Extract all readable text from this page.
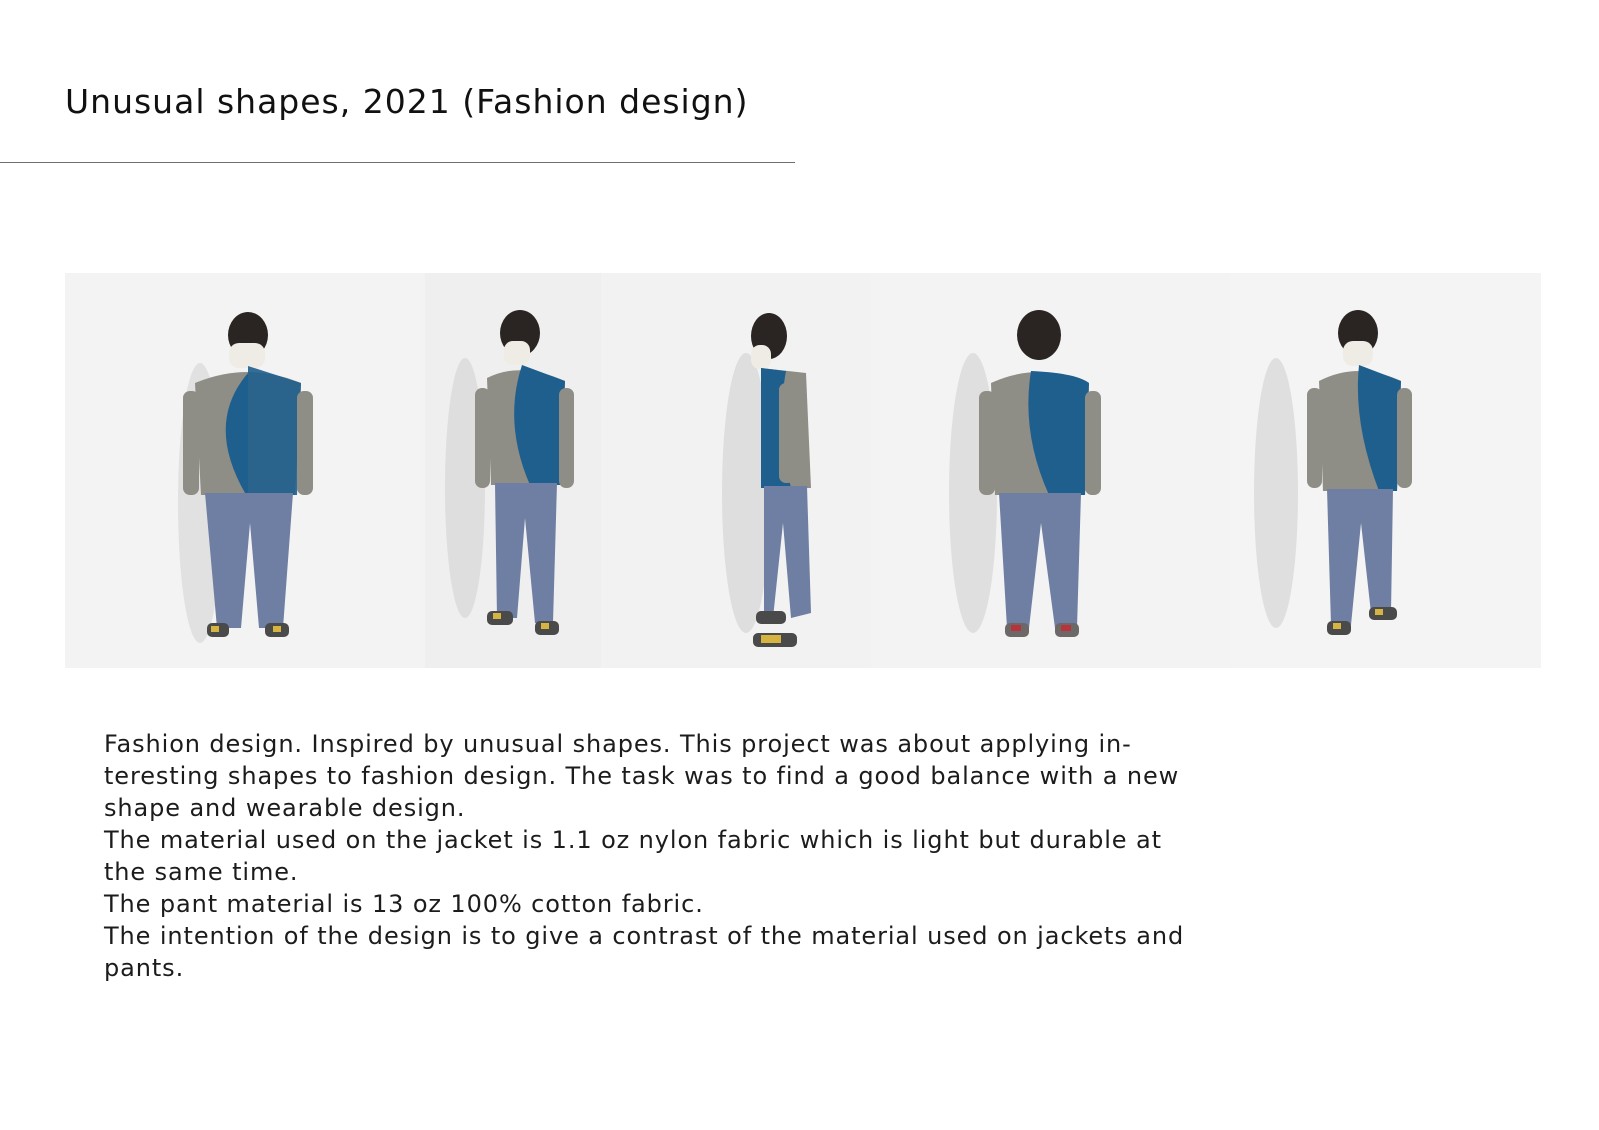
Unusual shapes, 2021 (Fashion design)

Fashion design. Inspired by unusual shapes. This project was about applying in-teresting shapes to fashion design. The task was to find a good balance with a new shape and wearable design.

The material used on the jacket is 1.1 oz nylon fabric which is light but durable at the same time.

The pant material is 13 oz 100% cotton fabric.

The intention of the design is to give a contrast of the material used on jackets and pants.
